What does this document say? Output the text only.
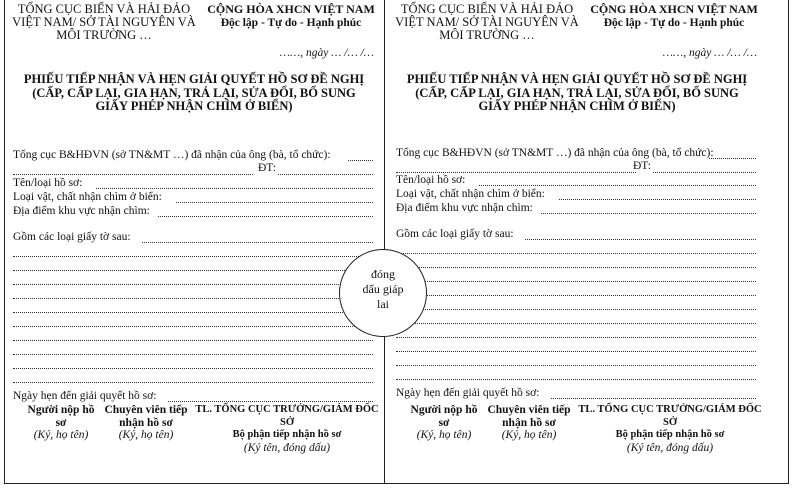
TỔNG CỤC BIỂN VÀ HẢI ĐẢO VIỆT NAM/ SỞ TÀI NGUYÊN VÀ MÔI TRƯỜNG …
CỘNG HÒA XHCN VIỆT NAM
Độc lập - Tự do - Hạnh phúc
……, ngày … /… /…
PHIẾU TIẾP NHẬN VÀ HẸN GIẢI QUYẾT HỒ SƠ ĐỀ NGHỊ
(CẤP, CẤP LẠI, GIA HẠN, TRẢ LẠI, SỬA ĐỔI, BỔ SUNG
GIẤY PHÉP NHẬN CHÌM Ở BIỂN)
Tổng cục B&HĐVN (sở TN&MT …) đã nhận của ông (bà, tổ chức):
ĐT:
Tên/loại hồ sơ:
Loại vật, chất nhận chìm ở biển:
Địa điểm khu vực nhận chìm:
Gồm các loại giấy tờ sau:
Ngày hẹn đến giải quyết hồ sơ:
Người nộp hồ sơ
(Ký, họ tên)
Chuyên viên tiếp nhận hồ sơ
(Ký, họ tên)
TL. TỔNG CỤC TRƯỞNG/GIÁM ĐỐC SỞ
Bộ phận tiếp nhận hồ sơ
(Ký tên, đóng dấu)
TỔNG CỤC BIỂN VÀ HẢI ĐẢO VIỆT NAM/ SỞ TÀI NGUYÊN VÀ MÔI TRƯỜNG …
CỘNG HÒA XHCN VIỆT NAM
Độc lập - Tự do - Hạnh phúc
……, ngày … /… /…
PHIẾU TIẾP NHẬN VÀ HẸN GIẢI QUYẾT HỒ SƠ ĐỀ NGHỊ
(CẤP, CẤP LẠI, GIA HẠN, TRẢ LẠI, SỬA ĐỔI, BỔ SUNG
GIẤY PHÉP NHẬN CHÌM Ở BIỂN)
Tổng cục B&HĐVN (sở TN&MT …) đã nhận của ông (bà, tổ chức):
ĐT:
Tên/loại hồ sơ:
Loại vật, chất nhận chìm ở biển:
Địa điểm khu vực nhận chìm:
Gồm các loại giấy tờ sau:
Ngày hẹn đến giải quyết hồ sơ:
Người nộp hồ sơ
(Ký, họ tên)
Chuyên viên tiếp nhận hồ sơ
(Ký, họ tên)
TL. TỔNG CỤC TRƯỞNG/GIÁM ĐỐC SỞ
Bộ phận tiếp nhận hồ sơ
(Ký tên, đóng dấu)
đóng
dấu giáp
lai
